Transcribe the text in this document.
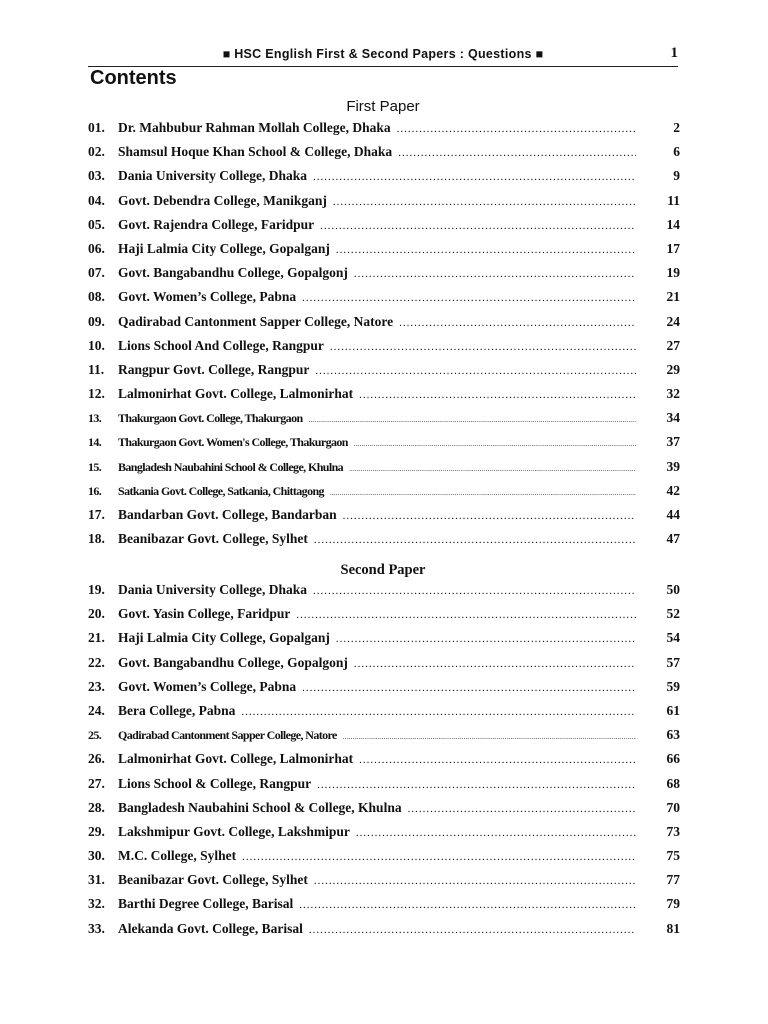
■ HSC English First & Second Papers : Questions ■	1
Contents
First Paper
01. Dr. Mahbubur Rahman Mollah College, Dhaka .....	2
02. Shamsul Hoque Khan School & College, Dhaka .....	6
03. Dania University College, Dhaka .....	9
04. Govt. Debendra College, Manikganj .....	11
05. Govt. Rajendra College, Faridpur .....	14
06. Haji Lalmia City College, Gopalganj .....	17
07. Govt. Bangabandhu College, Gopalgonj .....	19
08. Govt. Women’s College, Pabna .....	21
09. Qadirabad Cantonment Sapper College, Natore .....	24
10. Lions School And College, Rangpur .....	27
11.	Rangpur Govt. College, Rangpur .....	29
12. Lalmonirhat Govt. College, Lalmonirhat .....	32
13.	Thakurgaon Govt. College, Thakurgaon .....	34
14.	Thakurgaon Govt. Women's College, Thakurgaon .....	37
15.	Bangladesh Naubahini School & College, Khulna .....	39
16.	Satkania Govt. College, Satkania, Chittagong .....	42
17. Bandarban Govt. College, Bandarban .....	44
18. Beanibazar Govt. College, Sylhet .....	47
Second Paper
19. Dania University College, Dhaka .....	50
20. Govt. Yasin College, Faridpur .....	52
21. Haji Lalmia City College, Gopalganj .....	54
22. Govt. Bangabandhu College, Gopalgonj .....	57
23. Govt. Women’s College, Pabna .....	59
24. Bera College, Pabna .....	61
25.	Qadirabad Cantonment Sapper College, Natore .....	63
26. Lalmonirhat Govt. College, Lalmonirhat .....	66
27. Lions School & College, Rangpur .....	68
28. Bangladesh Naubahini School & College, Khulna .....	70
29. Lakshmipur Govt. College, Lakshmipur .....	73
30. M.C. College, Sylhet .....	75
31. Beanibazar Govt. College, Sylhet .....	77
32. Barthi Degree College, Barisal .....	79
33. Alekanda Govt. College, Barisal .....	81
